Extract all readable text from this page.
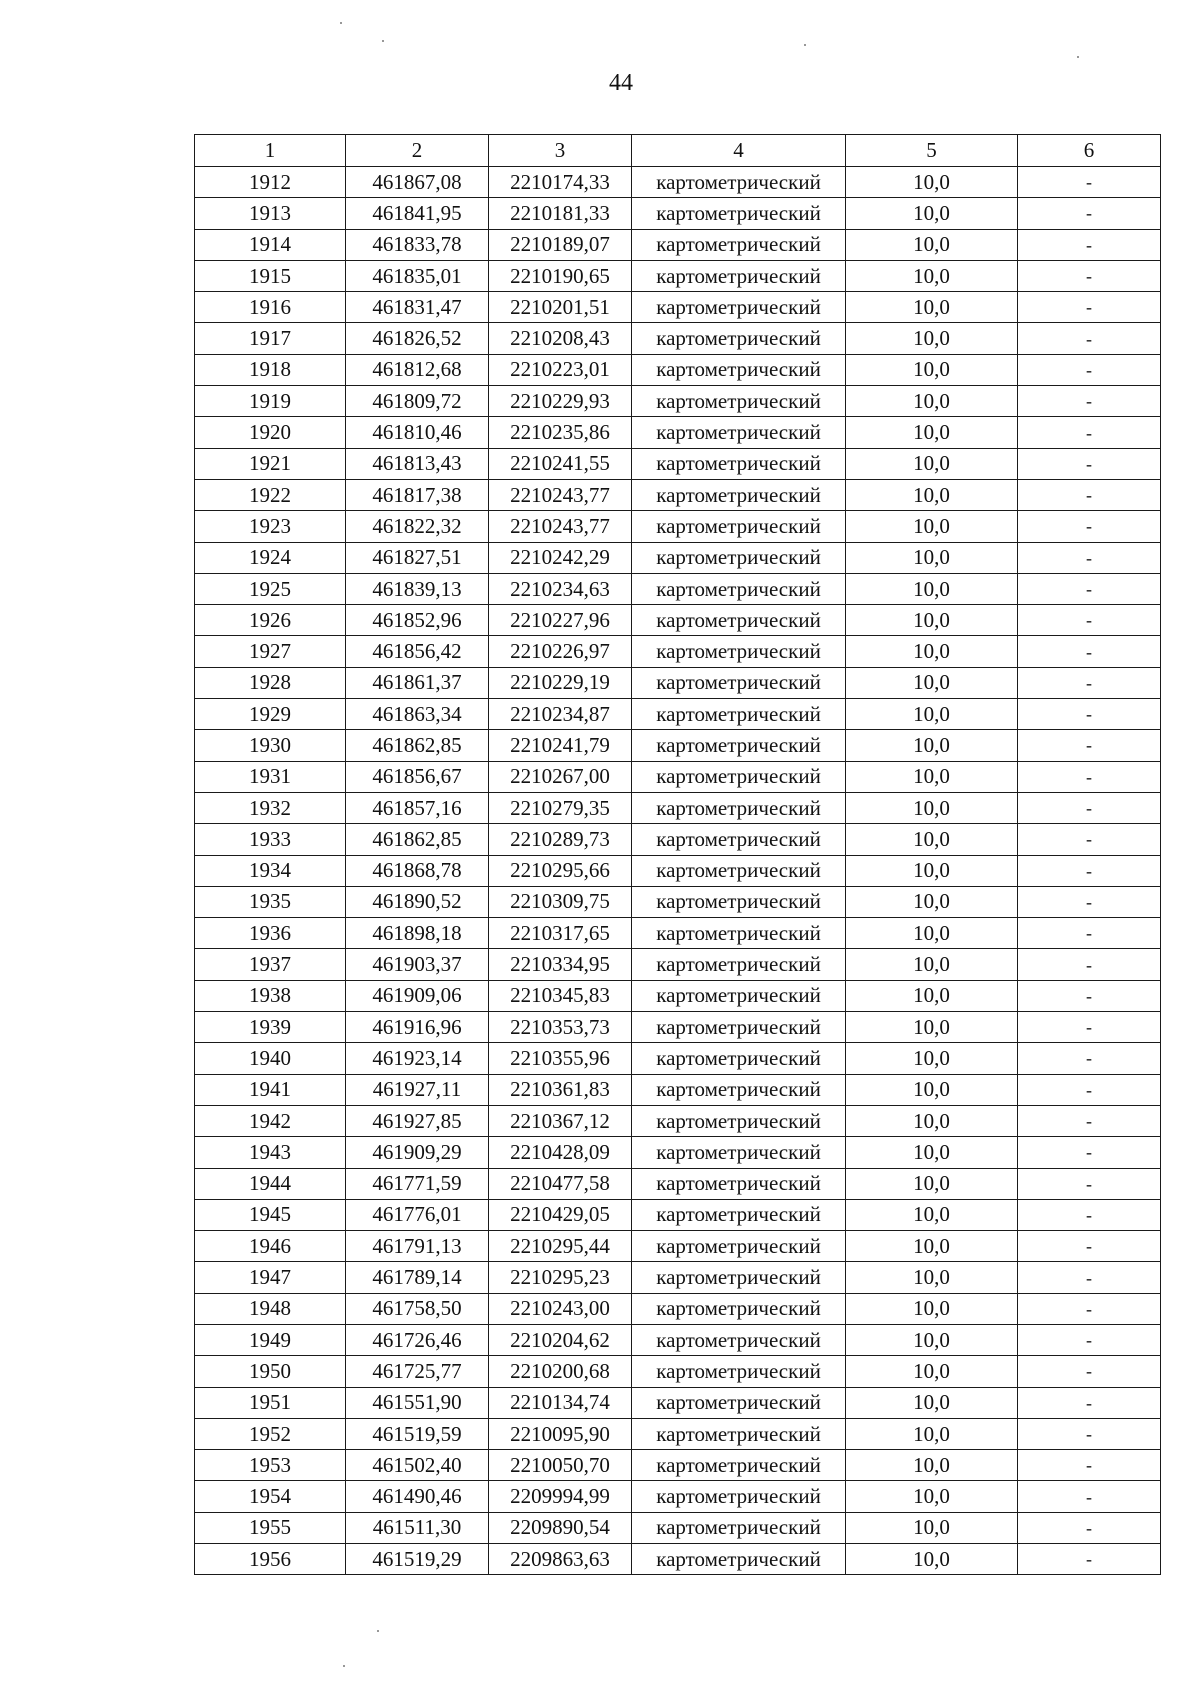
44
1	2	3	4	5	6
1912	461867,08	2210174,33	картометрический	10,0	-
1913	461841,95	2210181,33	картометрический	10,0	-
1914	461833,78	2210189,07	картометрический	10,0	-
1915	461835,01	2210190,65	картометрический	10,0	-
1916	461831,47	2210201,51	картометрический	10,0	-
1917	461826,52	2210208,43	картометрический	10,0	-
1918	461812,68	2210223,01	картометрический	10,0	-
1919	461809,72	2210229,93	картометрический	10,0	-
1920	461810,46	2210235,86	картометрический	10,0	-
1921	461813,43	2210241,55	картометрический	10,0	-
1922	461817,38	2210243,77	картометрический	10,0	-
1923	461822,32	2210243,77	картометрический	10,0	-
1924	461827,51	2210242,29	картометрический	10,0	-
1925	461839,13	2210234,63	картометрический	10,0	-
1926	461852,96	2210227,96	картометрический	10,0	-
1927	461856,42	2210226,97	картометрический	10,0	-
1928	461861,37	2210229,19	картометрический	10,0	-
1929	461863,34	2210234,87	картометрический	10,0	-
1930	461862,85	2210241,79	картометрический	10,0	-
1931	461856,67	2210267,00	картометрический	10,0	-
1932	461857,16	2210279,35	картометрический	10,0	-
1933	461862,85	2210289,73	картометрический	10,0	-
1934	461868,78	2210295,66	картометрический	10,0	-
1935	461890,52	2210309,75	картометрический	10,0	-
1936	461898,18	2210317,65	картометрический	10,0	-
1937	461903,37	2210334,95	картометрический	10,0	-
1938	461909,06	2210345,83	картометрический	10,0	-
1939	461916,96	2210353,73	картометрический	10,0	-
1940	461923,14	2210355,96	картометрический	10,0	-
1941	461927,11	2210361,83	картометрический	10,0	-
1942	461927,85	2210367,12	картометрический	10,0	-
1943	461909,29	2210428,09	картометрический	10,0	-
1944	461771,59	2210477,58	картометрический	10,0	-
1945	461776,01	2210429,05	картометрический	10,0	-
1946	461791,13	2210295,44	картометрический	10,0	-
1947	461789,14	2210295,23	картометрический	10,0	-
1948	461758,50	2210243,00	картометрический	10,0	-
1949	461726,46	2210204,62	картометрический	10,0	-
1950	461725,77	2210200,68	картометрический	10,0	-
1951	461551,90	2210134,74	картометрический	10,0	-
1952	461519,59	2210095,90	картометрический	10,0	-
1953	461502,40	2210050,70	картометрический	10,0	-
1954	461490,46	2209994,99	картометрический	10,0	-
1955	461511,30	2209890,54	картометрический	10,0	-
1956	461519,29	2209863,63	картометрический	10,0	-
